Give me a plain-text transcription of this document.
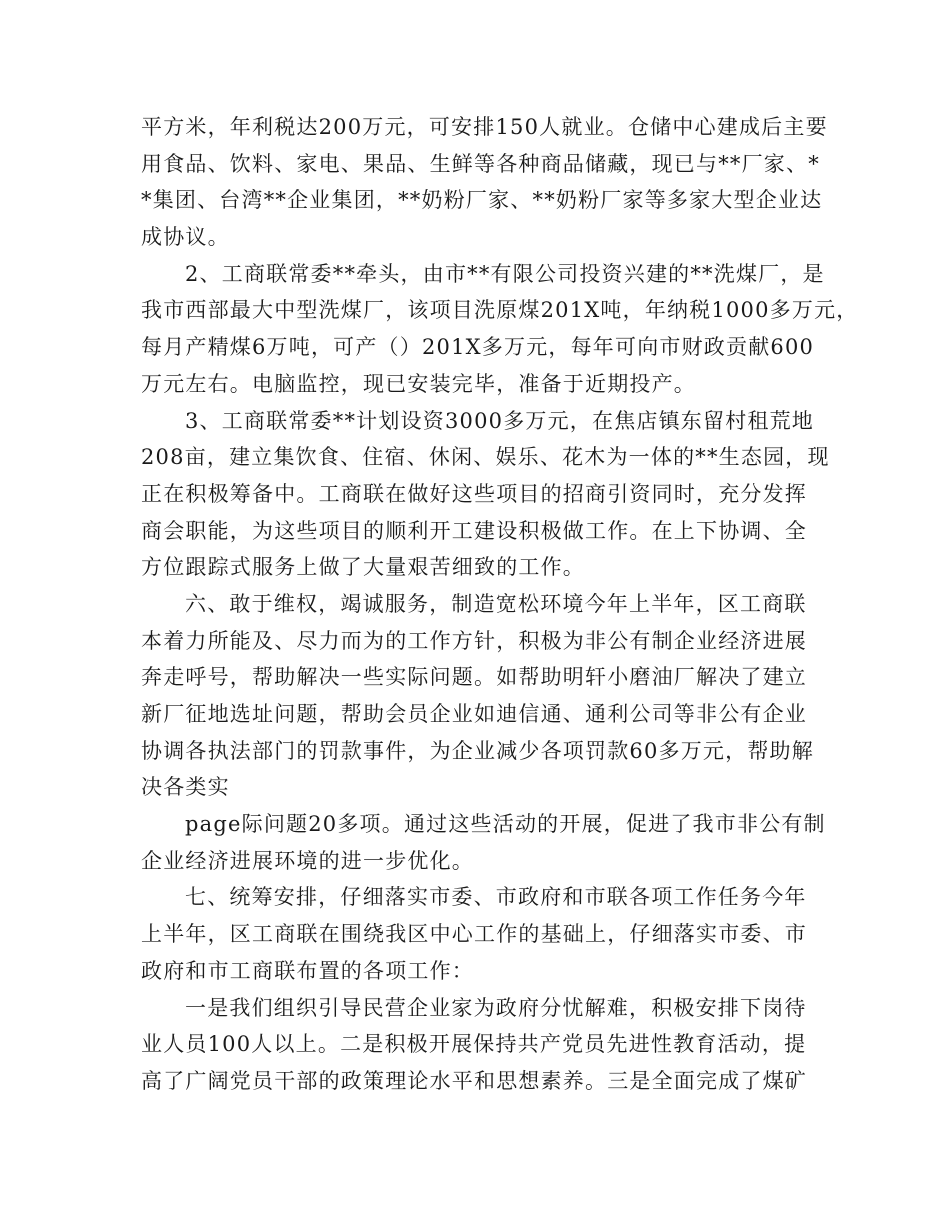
平方米，年利税达200万元，可安排150人就业。仓储中心建成后主要
用食品、饮料、家电、果品、生鲜等各种商品储藏，现已与**厂家、*
*集团、台湾**企业集团，**奶粉厂家、**奶粉厂家等多家大型企业达
成协议。
2、工商联常委**牵头，由市**有限公司投资兴建的**洗煤厂，是
我市西部最大中型洗煤厂，该项目洗原煤201X吨，年纳税1000多万元，
每月产精煤6万吨，可产（）201X多万元，每年可向市财政贡献600
万元左右。电脑监控，现已安装完毕，准备于近期投产。
3、工商联常委**计划设资3000多万元，在焦店镇东留村租荒地
208亩，建立集饮食、住宿、休闲、娱乐、花木为一体的**生态园，现
正在积极筹备中。工商联在做好这些项目的招商引资同时，充分发挥
商会职能，为这些项目的顺利开工建设积极做工作。在上下协调、全
方位跟踪式服务上做了大量艰苦细致的工作。
六、敢于维权，竭诚服务，制造宽松环境今年上半年，区工商联
本着力所能及、尽力而为的工作方针，积极为非公有制企业经济进展
奔走呼号，帮助解决一些实际问题。如帮助明轩小磨油厂解决了建立
新厂征地选址问题，帮助会员企业如迪信通、通利公司等非公有企业
协调各执法部门的罚款事件，为企业减少各项罚款60多万元，帮助解
决各类实
page际问题20多项。通过这些活动的开展，促进了我市非公有制
企业经济进展环境的进一步优化。
七、统筹安排，仔细落实市委、市政府和市联各项工作任务今年
上半年，区工商联在围绕我区中心工作的基础上，仔细落实市委、市
政府和市工商联布置的各项工作：
一是我们组织引导民营企业家为政府分忧解难，积极安排下岗待
业人员100人以上。二是积极开展保持共产党员先进性教育活动，提
高了广阔党员干部的政策理论水平和思想素养。三是全面完成了煤矿
